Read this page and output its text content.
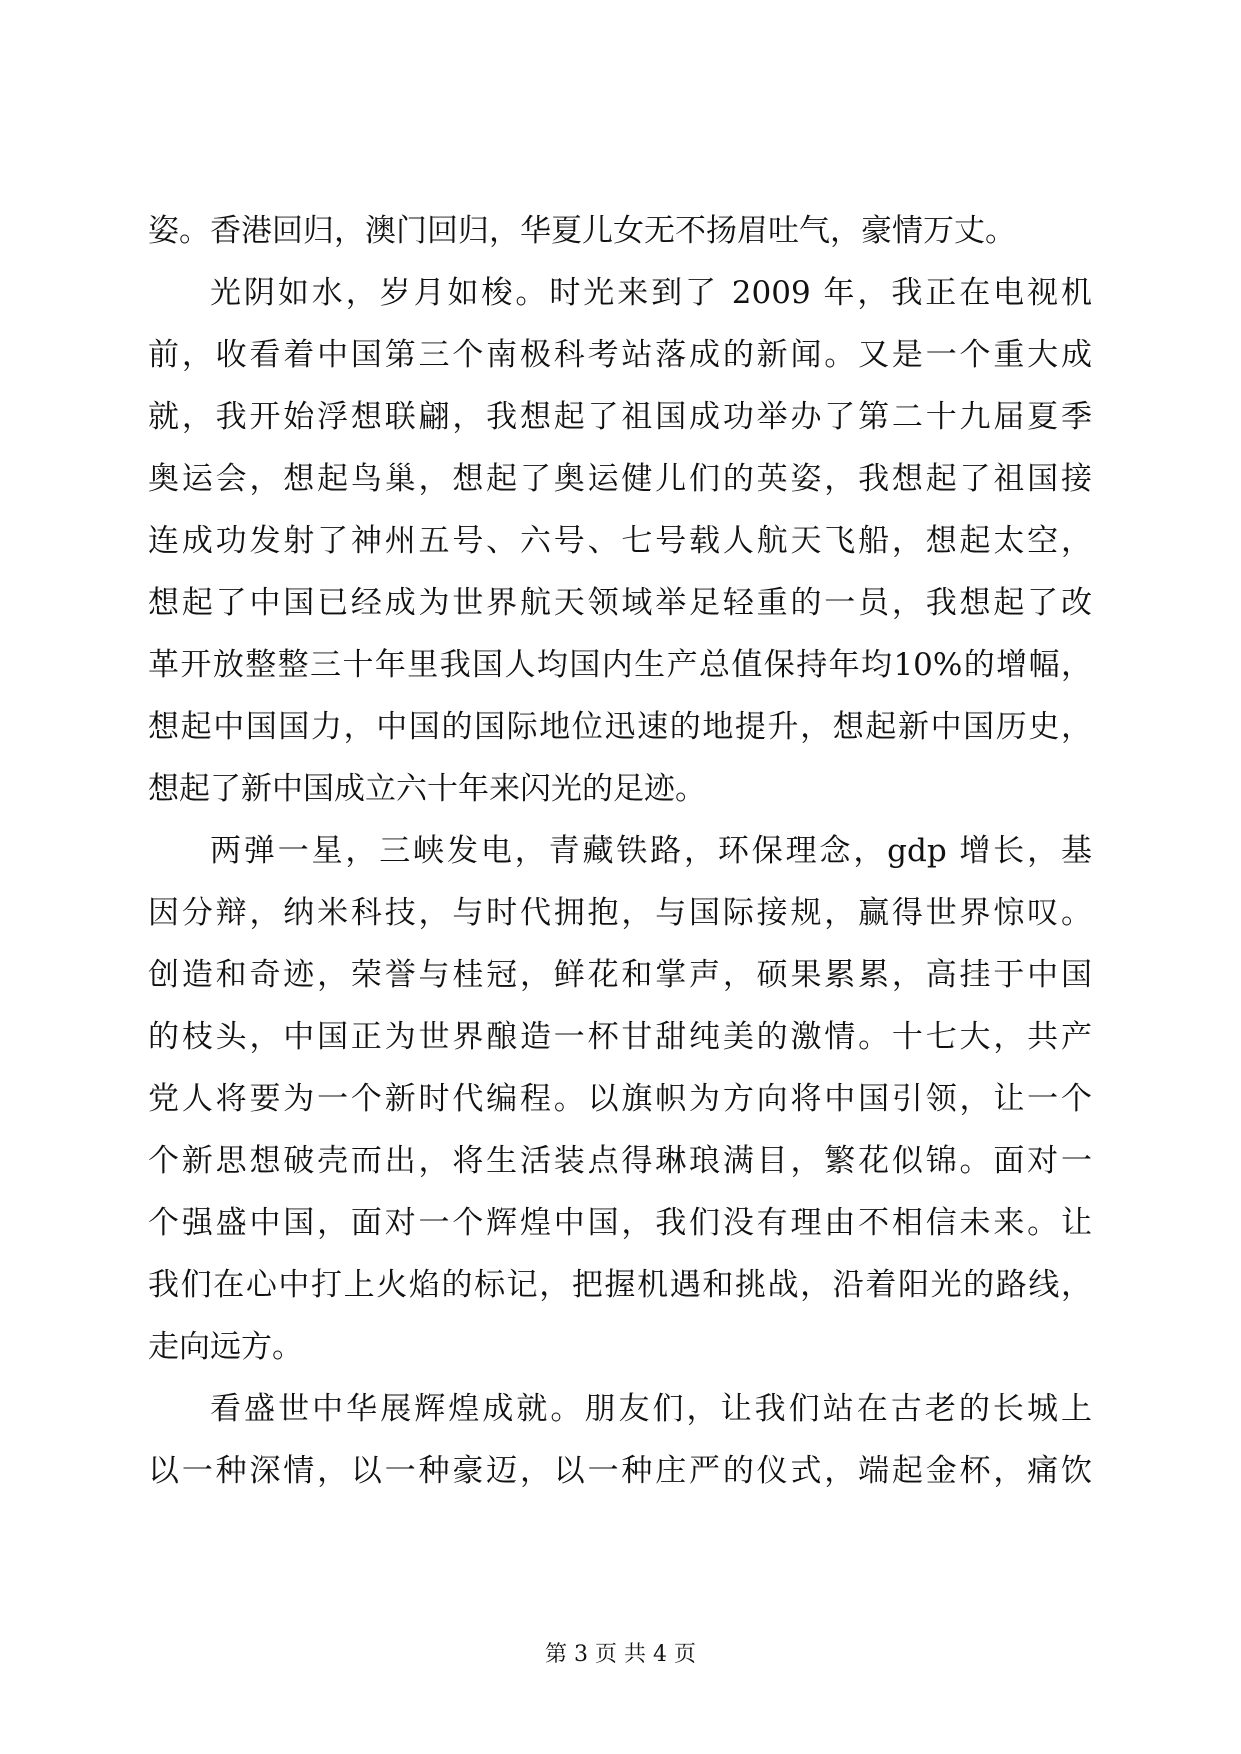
姿。香港回归，澳门回归，华夏儿女无不扬眉吐气，豪情万丈。
光阴如水，岁月如梭。时光来到了 2009 年，我正在电视机
前，收看着中国第三个南极科考站落成的新闻。又是一个重大成
就，我开始浮想联翩，我想起了祖国成功举办了第二十九届夏季
奥运会，想起鸟巢，想起了奥运健儿们的英姿，我想起了祖国接
连成功发射了神州五号、六号、七号载人航天飞船，想起太空，
想起了中国已经成为世界航天领域举足轻重的一员，我想起了改
革开放整整三十年里我国人均国内生产总值保持年均10%的增幅，
想起中国国力，中国的国际地位迅速的地提升，想起新中国历史，
想起了新中国成立六十年来闪光的足迹。
两弹一星，三峡发电，青藏铁路，环保理念，gdp 增长，基
因分辩，纳米科技，与时代拥抱，与国际接规，赢得世界惊叹。
创造和奇迹，荣誉与桂冠，鲜花和掌声，硕果累累，高挂于中国
的枝头，中国正为世界酿造一杯甘甜纯美的激情。十七大，共产
党人将要为一个新时代编程。以旗帜为方向将中国引领，让一个
个新思想破壳而出，将生活装点得琳琅满目，繁花似锦。面对一
个强盛中国，面对一个辉煌中国，我们没有理由不相信未来。让
我们在心中打上火焰的标记，把握机遇和挑战，沿着阳光的路线，
走向远方。
看盛世中华展辉煌成就。朋友们，让我们站在古老的长城上
以一种深情，以一种豪迈，以一种庄严的仪式，端起金杯，痛饮
第 3 页 共 4 页
